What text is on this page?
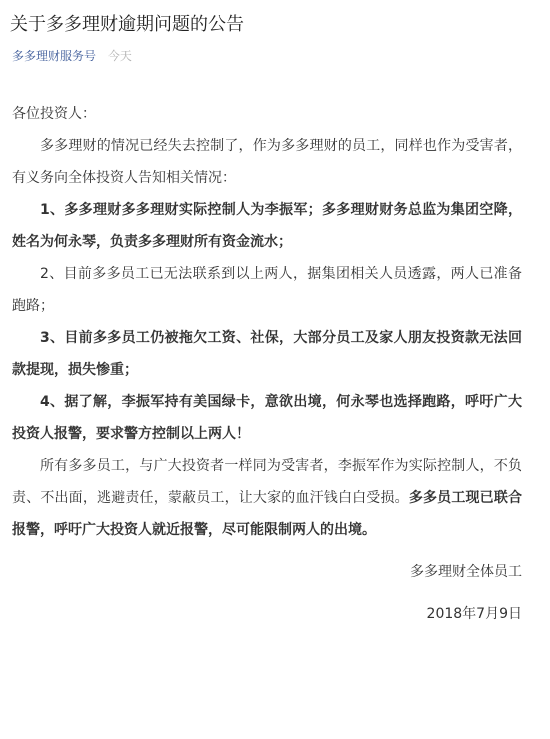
关于多多理财逾期问题的公告
多多理财服务号 今天

各位投资人：

多多理财的情况已经失去控制了，作为多多理财的员工，同样也作为受害者，有义务向全体投资人告知相关情况：

1、多多理财多多理财实际控制人为李振军；多多理财财务总监为集团空降，姓名为何永琴，负责多多理财所有资金流水；

2、目前多多员工已无法联系到以上两人，据集团相关人员透露，两人已准备跑路；

3、目前多多员工仍被拖欠工资、社保，大部分员工及家人朋友投资款无法回款提现，损失惨重；

4、据了解，李振军持有美国绿卡，意欲出境，何永琴也选择跑路，呼吁广大投资人报警，要求警方控制以上两人！

所有多多员工，与广大投资者一样同为受害者，李振军作为实际控制人，不负责、不出面，逃避责任，蒙蔽员工，让大家的血汗钱白白受损。多多员工现已联合报警，呼吁广大投资人就近报警，尽可能限制两人的出境。

多多理财全体员工

2018年7月9日
